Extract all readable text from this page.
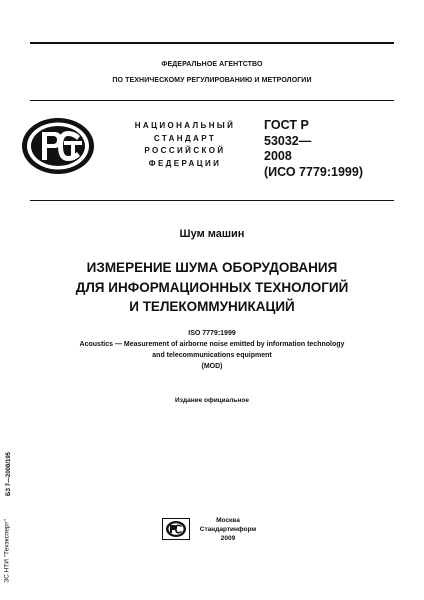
ФЕДЕРАЛЬНОЕ АГЕНТСТВО
ПО ТЕХНИЧЕСКОМУ РЕГУЛИРОВАНИЮ И МЕТРОЛОГИИ
НАЦИОНАЛЬНЫЙ
СТАНДАРТ
РОССИЙСКОЙ
ФЕДЕРАЦИИ
ГОСТ Р
53032—
2008
(ИСО 7779:1999)
Шум машин
ИЗМЕРЕНИЕ ШУМА ОБОРУДОВАНИЯ
ДЛЯ ИНФОРМАЦИОННЫХ ТЕХНОЛОГИЙ
И ТЕЛЕКОММУНИКАЦИЙ
ISO 7779:1999
Acoustics — Measurement of airborne noise emitted by information technology
and telecommunications equipment
(MOD)
Издание официальное
БЗ 7—2008/195
ЗС НТИ "Техэксперт"	Москва
Стандартинформ
2009
